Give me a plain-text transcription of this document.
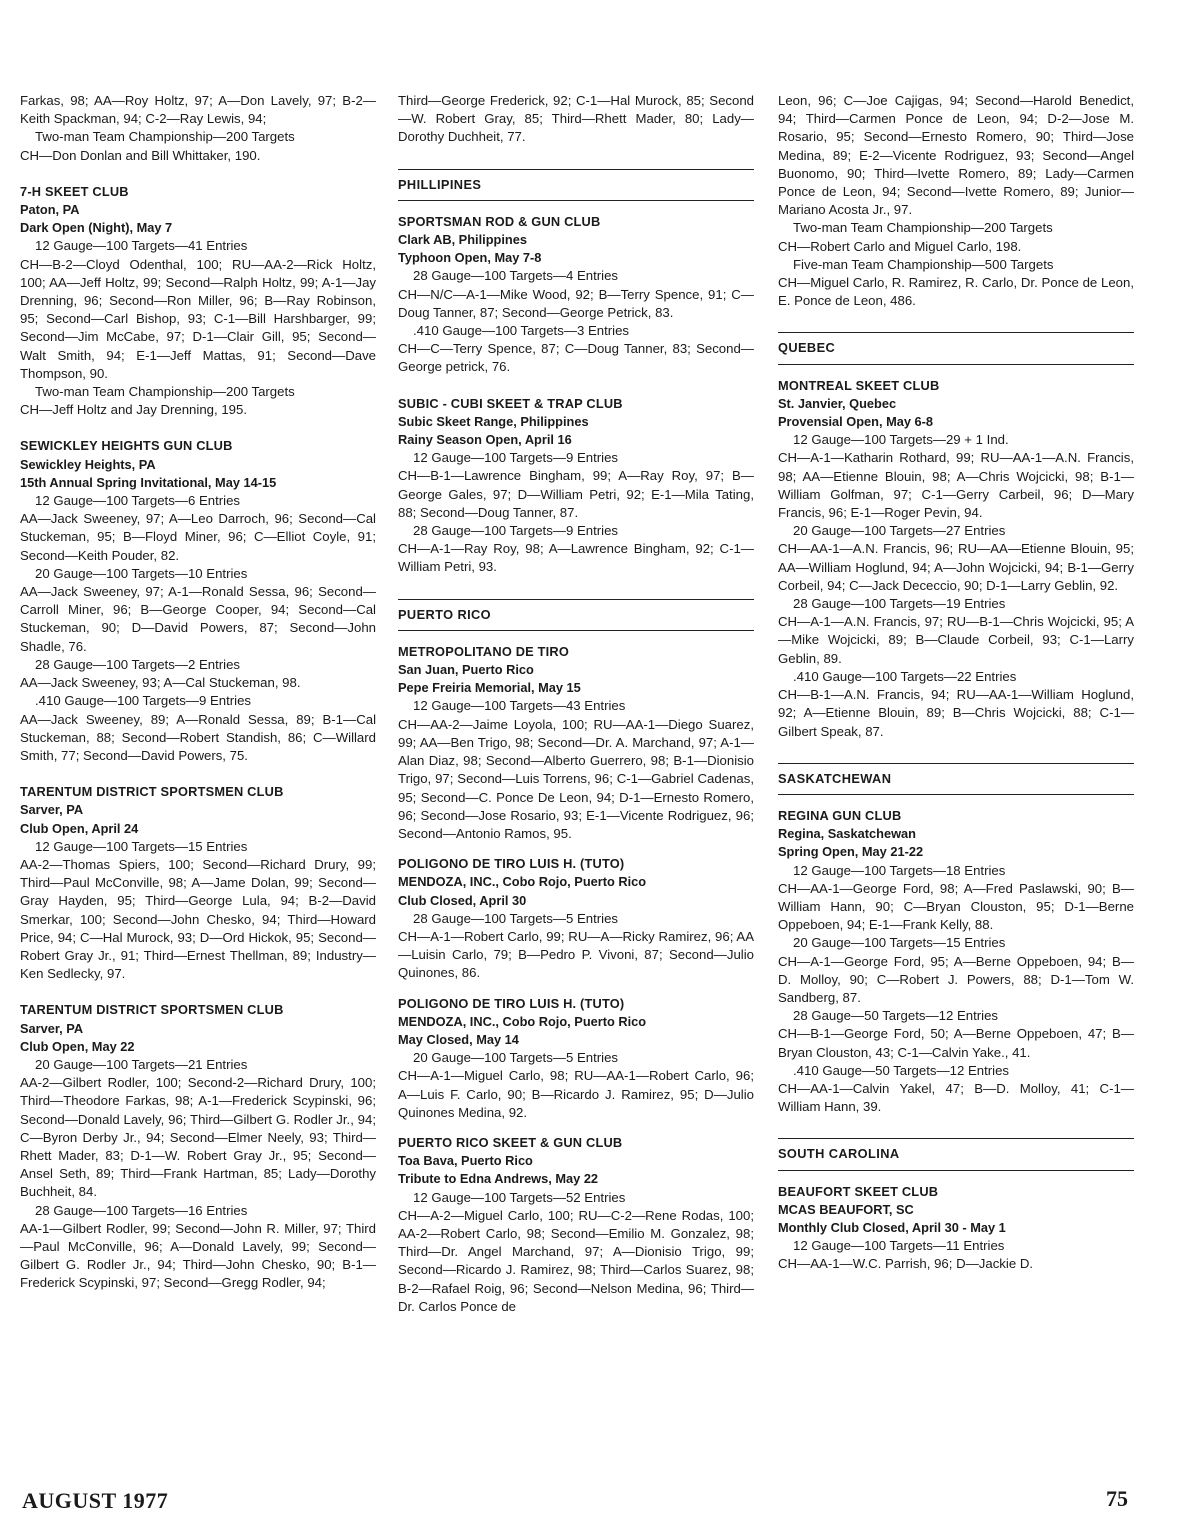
Farkas, 98; AA—Roy Holtz, 97; A—Don Lavely, 97; B-2—Keith Spackman, 94; C-2—Ray Lewis, 94;

Two-man Team Championship—200 Targets

CH—Don Donlan and Bill Whittaker, 190.

7-H SKEET CLUB

Paton, PA

Dark Open (Night), May 7

12 Gauge—100 Targets—41 Entries

CH—B-2—Cloyd Odenthal, 100; RU—AA-2—Rick Holtz, 100; AA—Jeff Holtz, 99; Second—Ralph Holtz, 99; A-1—Jay Drenning, 96; Second—Ron Miller, 96; B—Ray Robinson, 95; Second—Carl Bishop, 93; C-1—Bill Harshbarger, 99; Second—Jim McCabe, 97; D-1—Clair Gill, 95; Second—Walt Smith, 94; E-1—Jeff Mattas, 91; Second—Dave Thompson, 90.

Two-man Team Championship—200 Targets

CH—Jeff Holtz and Jay Drenning, 195.

SEWICKLEY HEIGHTS GUN CLUB

Sewickley Heights, PA

15th Annual Spring Invitational, May 14-15

12 Gauge—100 Targets—6 Entries

AA—Jack Sweeney, 97; A—Leo Darroch, 96; Second—Cal Stuckeman, 95; B—Floyd Miner, 96; C—Elliot Coyle, 91; Second—Keith Pouder, 82.

20 Gauge—100 Targets—10 Entries

AA—Jack Sweeney, 97; A-1—Ronald Sessa, 96; Second—Carroll Miner, 96; B—George Cooper, 94; Second—Cal Stuckeman, 90; D—David Powers, 87; Second—John Shadle, 76.

28 Gauge—100 Targets—2 Entries

AA—Jack Sweeney, 93; A—Cal Stuckeman, 98.

.410 Gauge—100 Targets—9 Entries

AA—Jack Sweeney, 89; A—Ronald Sessa, 89; B-1—Cal Stuckeman, 88; Second—Robert Standish, 86; C—Willard Smith, 77; Second—David Powers, 75.

TARENTUM DISTRICT SPORTSMEN CLUB

Sarver, PA

Club Open, April 24

12 Gauge—100 Targets—15 Entries

AA-2—Thomas Spiers, 100; Second—Richard Drury, 99; Third—Paul McConville, 98; A—Jame Dolan, 99; Second—Gray Hayden, 95; Third—George Lula, 94; B-2—David Smerkar, 100; Second—John Chesko, 94; Third—Howard Price, 94; C—Hal Murock, 93; D—Ord Hickok, 95; Second—Robert Gray Jr., 91; Third—Ernest Thellman, 89; Industry—Ken Sedlecky, 97.

TARENTUM DISTRICT SPORTSMEN CLUB

Sarver, PA

Club Open, May 22

20 Gauge—100 Targets—21 Entries

AA-2—Gilbert Rodler, 100; Second-2—Richard Drury, 100; Third—Theodore Farkas, 98; A-1—Frederick Scypinski, 96; Second—Donald Lavely, 96; Third—Gilbert G. Rodler Jr., 94; C—Byron Derby Jr., 94; Second—Elmer Neely, 93; Third—Rhett Mader, 83; D-1—W. Robert Gray Jr., 95; Second—Ansel Seth, 89; Third—Frank Hartman, 85; Lady—Dorothy Buchheit, 84.

28 Gauge—100 Targets—16 Entries

AA-1—Gilbert Rodler, 99; Second—John R. Miller, 97; Third—Paul McConville, 96; A—Donald Lavely, 99; Second—Gilbert G. Rodler Jr., 94; Third—John Chesko, 90; B-1—Frederick Scypinski, 97; Second—Gregg Rodler, 94;

Third—George Frederick, 92; C-1—Hal Murock, 85; Second—W. Robert Gray, 85; Third—Rhett Mader, 80; Lady—Dorothy Duchheit, 77.

PHILLIPINES
SPORTSMAN ROD & GUN CLUB

Clark AB, Philippines

Typhoon Open, May 7-8

28 Gauge—100 Targets—4 Entries

CH—N/C—A-1—Mike Wood, 92; B—Terry Spence, 91; C—Doug Tanner, 87; Second—George Petrick, 83.

.410 Gauge—100 Targets—3 Entries

CH—C—Terry Spence, 87; C—Doug Tanner, 83; Second—George petrick, 76.

SUBIC - CUBI SKEET & TRAP CLUB

Subic Skeet Range, Philippines

Rainy Season Open, April 16

12 Gauge—100 Targets—9 Entries

CH—B-1—Lawrence Bingham, 99; A—Ray Roy, 97; B—George Gales, 97; D—William Petri, 92; E-1—Mila Tating, 88; Second—Doug Tanner, 87.

28 Gauge—100 Targets—9 Entries

CH—A-1—Ray Roy, 98; A—Lawrence Bingham, 92; C-1—William Petri, 93.

PUERTO RICO
METROPOLITANO DE TIRO

San Juan, Puerto Rico

Pepe Freiria Memorial, May 15

12 Gauge—100 Targets—43 Entries

CH—AA-2—Jaime Loyola, 100; RU—AA-1—Diego Suarez, 99; AA—Ben Trigo, 98; Second—Dr. A. Marchand, 97; A-1—Alan Diaz, 98; Second—Alberto Guerrero, 98; B-1—Dionisio Trigo, 97; Second—Luis Torrens, 96; C-1—Gabriel Cadenas, 95; Second—C. Ponce De Leon, 94; D-1—Ernesto Romero, 96; Second—Jose Rosario, 93; E-1—Vicente Rodriguez, 96; Second—Antonio Ramos, 95.

POLIGONO DE TIRO LUIS H. (TUTO)

MENDOZA, INC., Cobo Rojo, Puerto Rico

Club Closed, April 30

28 Gauge—100 Targets—5 Entries

CH—A-1—Robert Carlo, 99; RU—A—Ricky Ramirez, 96; AA—Luisin Carlo, 79; B—Pedro P. Vivoni, 87; Second—Julio Quinones, 86.

POLIGONO DE TIRO LUIS H. (TUTO)

MENDOZA, INC., Cobo Rojo, Puerto Rico

May Closed, May 14

20 Gauge—100 Targets—5 Entries

CH—A-1—Miguel Carlo, 98; RU—AA-1—Robert Carlo, 96; A—Luis F. Carlo, 90; B—Ricardo J. Ramirez, 95; D—Julio Quinones Medina, 92.

PUERTO RICO SKEET & GUN CLUB

Toa Bava, Puerto Rico

Tribute to Edna Andrews, May 22

12 Gauge—100 Targets—52 Entries

CH—A-2—Miguel Carlo, 100; RU—C-2—Rene Rodas, 100; AA-2—Robert Carlo, 98; Second—Emilio M. Gonzalez, 98; Third—Dr. Angel Marchand, 97; A—Dionisio Trigo, 99; Second—Ricardo J. Ramirez, 98; Third—Carlos Suarez, 98; B-2—Rafael Roig, 96; Second—Nelson Medina, 96; Third—Dr. Carlos Ponce de

Leon, 96; C—Joe Cajigas, 94; Second—Harold Benedict, 94; Third—Carmen Ponce de Leon, 94; D-2—Jose M. Rosario, 95; Second—Ernesto Romero, 90; Third—Jose Medina, 89; E-2—Vicente Rodriguez, 93; Second—Angel Buonomo, 90; Third—Ivette Romero, 89; Lady—Carmen Ponce de Leon, 94; Second—Ivette Romero, 89; Junior—Mariano Acosta Jr., 97.

Two-man Team Championship—200 Targets

CH—Robert Carlo and Miguel Carlo, 198.

Five-man Team Championship—500 Targets

CH—Miguel Carlo, R. Ramirez, R. Carlo, Dr. Ponce de Leon, E. Ponce de Leon, 486.

QUEBEC
MONTREAL SKEET CLUB

St. Janvier, Quebec

Provensial Open, May 6-8

12 Gauge—100 Targets—29 + 1 Ind.

CH—A-1—Katharin Rothard, 99; RU—AA-1—A.N. Francis, 98; AA—Etienne Blouin, 98; A—Chris Wojcicki, 98; B-1—William Golfman, 97; C-1—Gerry Carbeil, 96; D—Mary Francis, 96; E-1—Roger Pevin, 94.

20 Gauge—100 Targets—27 Entries

CH—AA-1—A.N. Francis, 96; RU—AA—Etienne Blouin, 95; AA—William Hoglund, 94; A—John Wojcicki, 94; B-1—Gerry Corbeil, 94; C—Jack Dececcio, 90; D-1—Larry Geblin, 92.

28 Gauge—100 Targets—19 Entries

CH—A-1—A.N. Francis, 97; RU—B-1—Chris Wojcicki, 95; A—Mike Wojcicki, 89; B—Claude Corbeil, 93; C-1—Larry Geblin, 89.

.410 Gauge—100 Targets—22 Entries

CH—B-1—A.N. Francis, 94; RU—AA-1—William Hoglund, 92; A—Etienne Blouin, 89; B—Chris Wojcicki, 88; C-1—Gilbert Speak, 87.

SASKATCHEWAN
REGINA GUN CLUB

Regina, Saskatchewan

Spring Open, May 21-22

12 Gauge—100 Targets—18 Entries

CH—AA-1—George Ford, 98; A—Fred Paslawski, 90; B—William Hann, 90; C—Bryan Clouston, 95; D-1—Berne Oppeboen, 94; E-1—Frank Kelly, 88.

20 Gauge—100 Targets—15 Entries

CH—A-1—George Ford, 95; A—Berne Oppeboen, 94; B—D. Molloy, 90; C—Robert J. Powers, 88; D-1—Tom W. Sandberg, 87.

28 Gauge—50 Targets—12 Entries

CH—B-1—George Ford, 50; A—Berne Oppeboen, 47; B—Bryan Clouston, 43; C-1—Calvin Yake., 41.

.410 Gauge—50 Targets—12 Entries

CH—AA-1—Calvin Yakel, 47; B—D. Molloy, 41; C-1—William Hann, 39.

SOUTH CAROLINA
BEAUFORT SKEET CLUB

MCAS BEAUFORT, SC

Monthly Club Closed, April 30 - May 1

12 Gauge—100 Targets—11 Entries

CH—AA-1—W.C. Parrish, 96; D—Jackie D.

AUGUST 1977	75
